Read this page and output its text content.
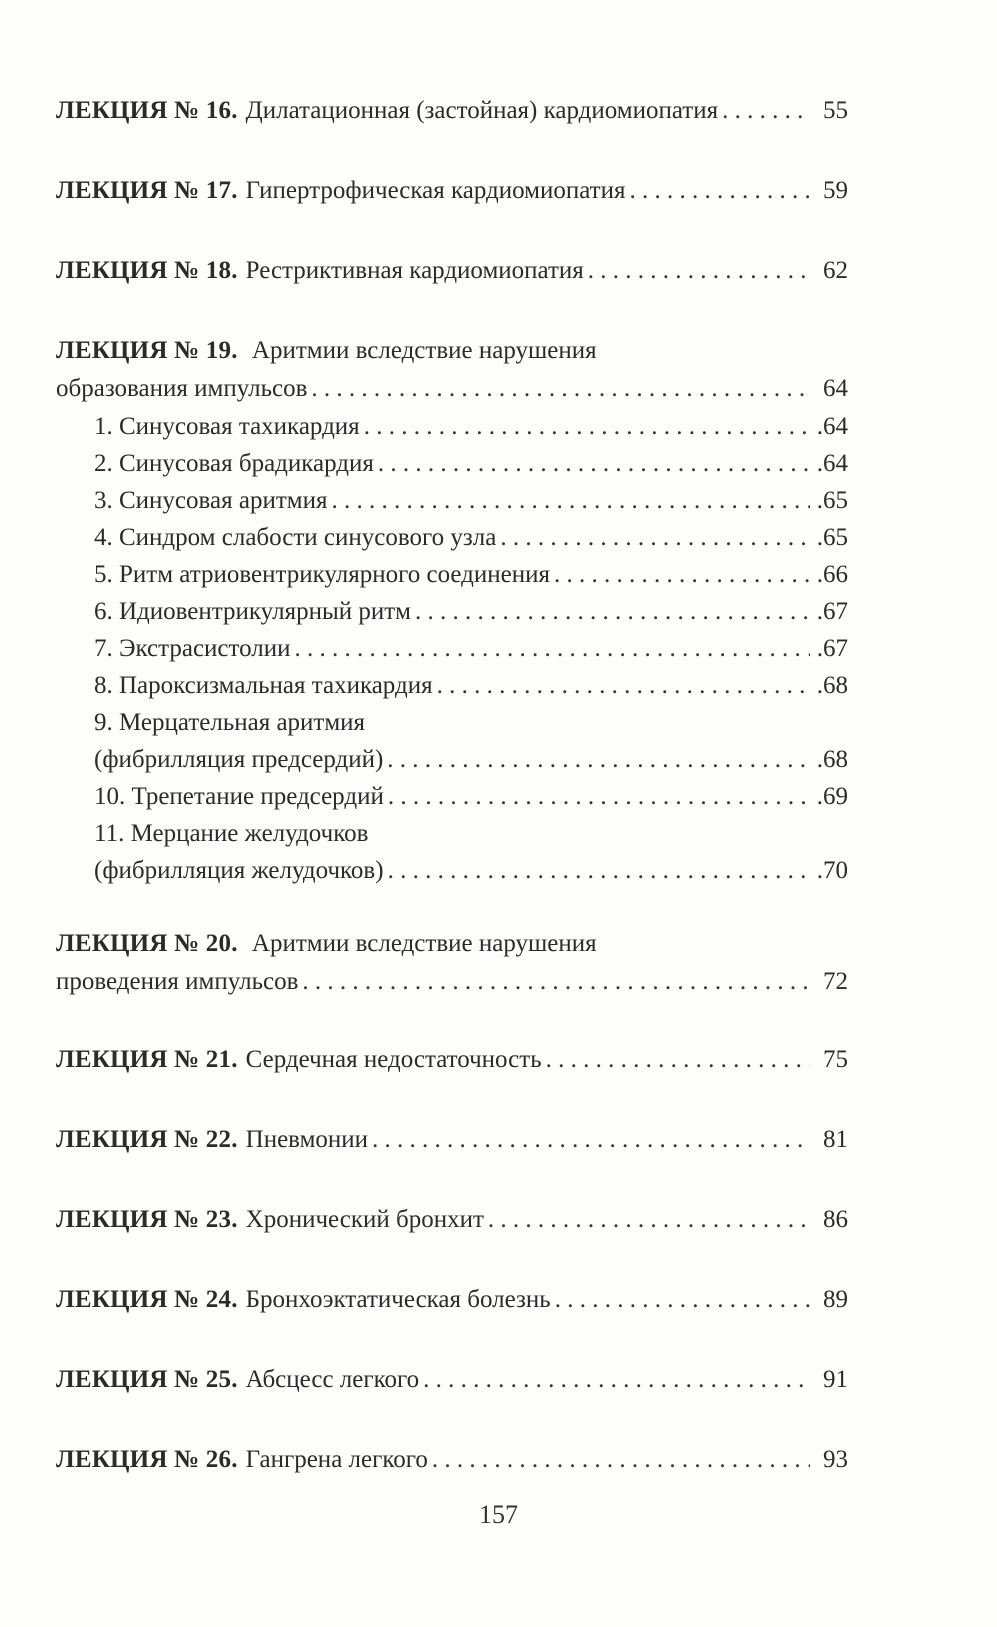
ЛЕКЦИЯ № 16. Дилатационная (застойная) кардиомиопатия . . .	55
ЛЕКЦИЯ № 17. Гипертрофическая кардиомиопатия . . .	59
ЛЕКЦИЯ № 18. Рестриктивная кардиомиопатия . . .	62
ЛЕКЦИЯ № 19. Аритмии вследствие нарушения
образования импульсов . . .	64
1. Синусовая тахикардия . . .	.64
2. Синусовая брадикардия . . .	.64
3. Синусовая аритмия . . .	.65
4. Синдром слабости синусового узла . . .	.65
5. Ритм атриовентрикулярного соединения . . .	.66
6. Идиовентрикулярный ритм . . .	.67
7. Экстрасистолии . . .	.67
8. Пароксизмальная тахикардия . . .	.68
9. Мерцательная аритмия
(фибрилляция предсердий) . . .	.68
10. Трепетание предсердий . . .	.69
11. Мерцание желудочков
(фибрилляция желудочков) . . .	.70
ЛЕКЦИЯ № 20. Аритмии вследствие нарушения
проведения импульсов . . .	72
ЛЕКЦИЯ № 21. Сердечная недостаточность . . .	75
ЛЕКЦИЯ № 22. Пневмонии . . .	81
ЛЕКЦИЯ № 23. Хронический бронхит . . .	86
ЛЕКЦИЯ № 24. Бронхоэктатическая болезнь . . .	89
ЛЕКЦИЯ № 25. Абсцесс легкого . . .	91
ЛЕКЦИЯ № 26. Гангрена легкого . . .	93
157
